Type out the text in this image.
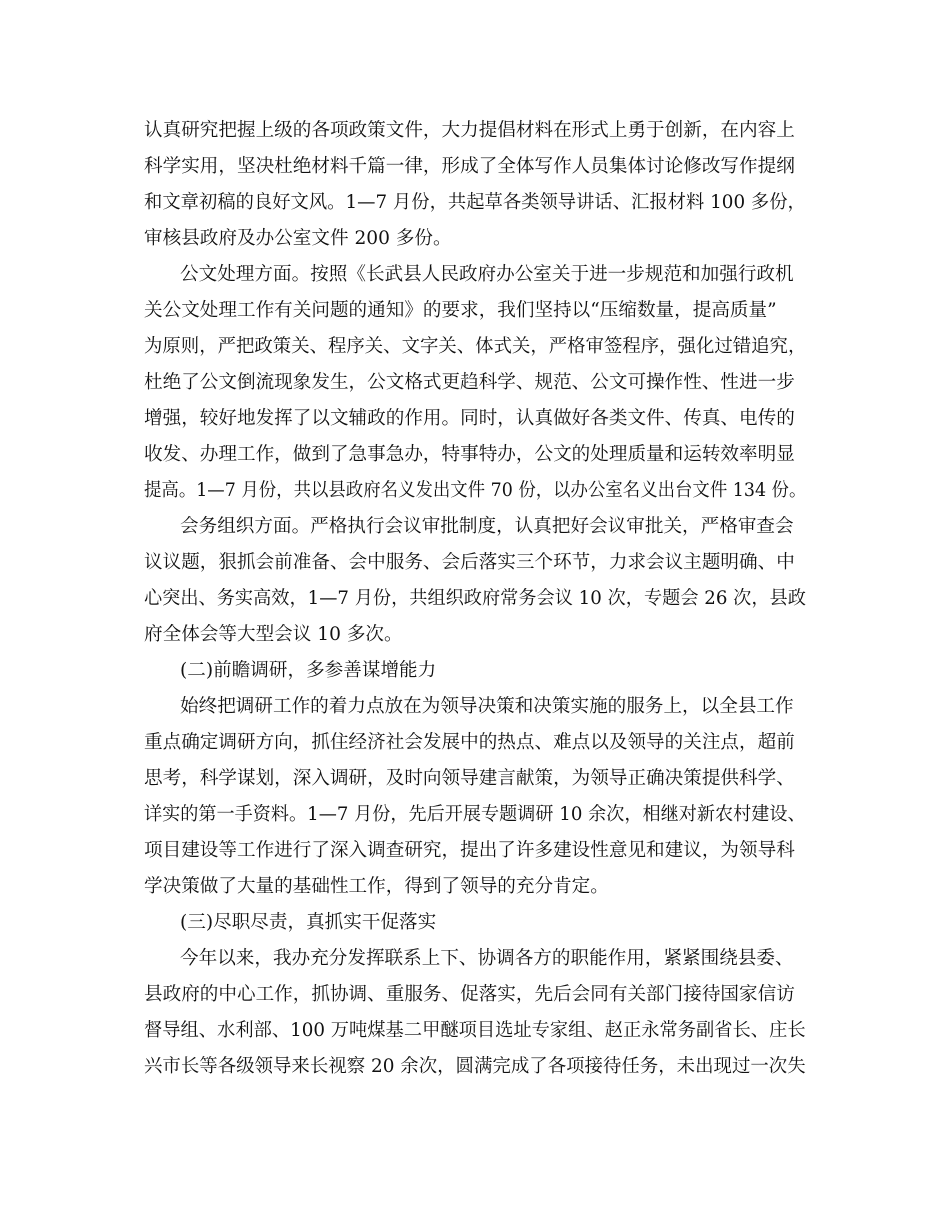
认真研究把握上级的各项政策文件，大力提倡材料在形式上勇于创新，在内容上
科学实用，坚决杜绝材料千篇一律，形成了全体写作人员集体讨论修改写作提纲
和文章初稿的良好文风。1—7 月份，共起草各类领导讲话、汇报材料 100 多份，
审核县政府及办公室文件 200 多份。
公文处理方面。按照《长武县人民政府办公室关于进一步规范和加强行政机
关公文处理工作有关问题的通知》的要求，我们坚持以“压缩数量，提高质量”
为原则，严把政策关、程序关、文字关、体式关，严格审签程序，强化过错追究，
杜绝了公文倒流现象发生，公文格式更趋科学、规范、公文可操作性、性进一步
增强，较好地发挥了以文辅政的作用。同时，认真做好各类文件、传真、电传的
收发、办理工作，做到了急事急办，特事特办，公文的处理质量和运转效率明显
提高。1—7 月份，共以县政府名义发出文件 70 份，以办公室名义出台文件 134 份。
会务组织方面。严格执行会议审批制度，认真把好会议审批关，严格审查会
议议题，狠抓会前准备、会中服务、会后落实三个环节，力求会议主题明确、中
心突出、务实高效，1—7 月份，共组织政府常务会议 10 次，专题会 26 次，县政
府全体会等大型会议 10 多次。
(二)前瞻调研，多参善谋增能力
始终把调研工作的着力点放在为领导决策和决策实施的服务上，以全县工作
重点确定调研方向，抓住经济社会发展中的热点、难点以及领导的关注点，超前
思考，科学谋划，深入调研，及时向领导建言献策，为领导正确决策提供科学、
详实的第一手资料。1—7 月份，先后开展专题调研 10 余次，相继对新农村建设、
项目建设等工作进行了深入调查研究，提出了许多建设性意见和建议，为领导科
学决策做了大量的基础性工作，得到了领导的充分肯定。
(三)尽职尽责，真抓实干促落实
今年以来，我办充分发挥联系上下、协调各方的职能作用，紧紧围绕县委、
县政府的中心工作，抓协调、重服务、促落实，先后会同有关部门接待国家信访
督导组、水利部、100 万吨煤基二甲醚项目选址专家组、赵正永常务副省长、庄长
兴市长等各级领导来长视察 20 余次，圆满完成了各项接待任务，未出现过一次失
